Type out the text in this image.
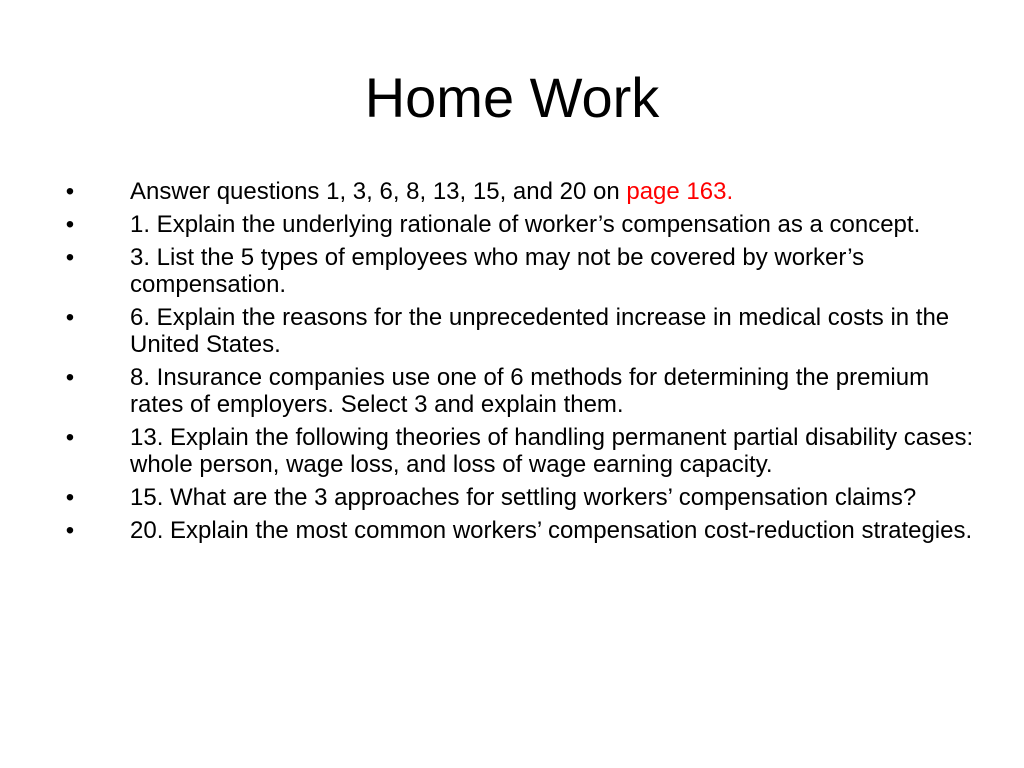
Home Work
• Answer questions 1, 3, 6, 8, 13, 15, and 20 on page 163.
• 1. Explain the underlying rationale of worker’s compensation as a concept.
• 3. List the 5 types of employees who may not be covered by worker’s compensation.
• 6. Explain the reasons for the unprecedented increase in medical costs in the United States.
• 8. Insurance companies use one of 6 methods for determining the premium rates of employers. Select 3 and explain them.
• 13. Explain the following theories of handling permanent partial disability cases: whole person, wage loss, and loss of wage earning capacity.
• 15. What are the 3 approaches for settling workers’ compensation claims?
• 20. Explain the most common workers’ compensation cost-reduction strategies.
